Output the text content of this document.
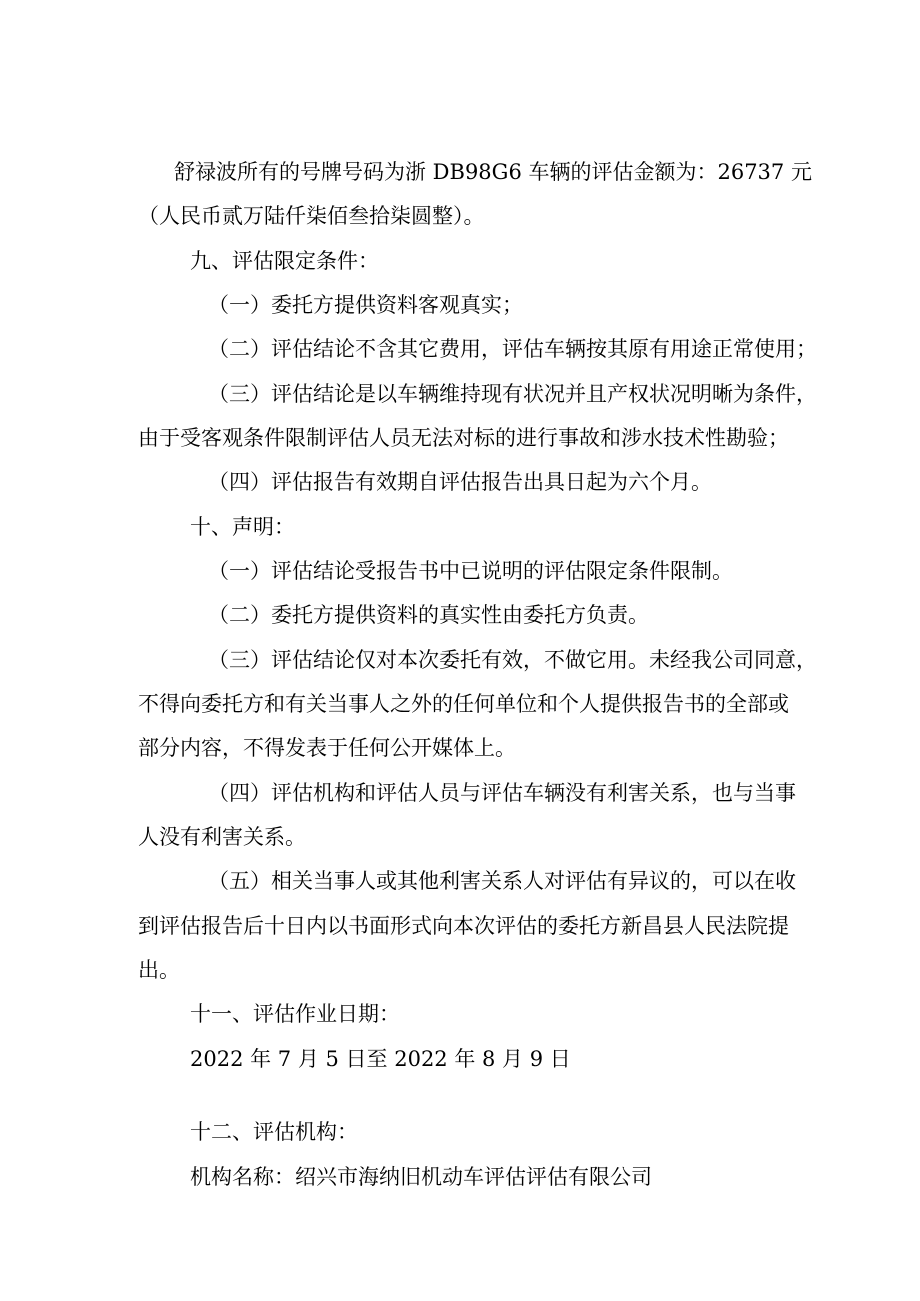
舒禄波所有的号牌号码为浙 DB98G6 车辆的评估金额为：26737 元
（人民币贰万陆仟柒佰叁拾柒圆整）。
九、评估限定条件：
（一）委托方提供资料客观真实；
（二）评估结论不含其它费用，评估车辆按其原有用途正常使用；
（三）评估结论是以车辆维持现有状况并且产权状况明晰为条件，
由于受客观条件限制评估人员无法对标的进行事故和涉水技术性勘验；
（四）评估报告有效期自评估报告出具日起为六个月。
十、声明：
（一）评估结论受报告书中已说明的评估限定条件限制。
（二）委托方提供资料的真实性由委托方负责。
（三）评估结论仅对本次委托有效，不做它用。未经我公司同意，
不得向委托方和有关当事人之外的任何单位和个人提供报告书的全部或
部分内容，不得发表于任何公开媒体上。
（四）评估机构和评估人员与评估车辆没有利害关系，也与当事
人没有利害关系。
（五）相关当事人或其他利害关系人对评估有异议的，可以在收
到评估报告后十日内以书面形式向本次评估的委托方新昌县人民法院提
出。
十一、评估作业日期：
2022 年 7 月 5 日至 2022 年 8 月 9 日
十二、评估机构：
机构名称：绍兴市海纳旧机动车评估评估有限公司
